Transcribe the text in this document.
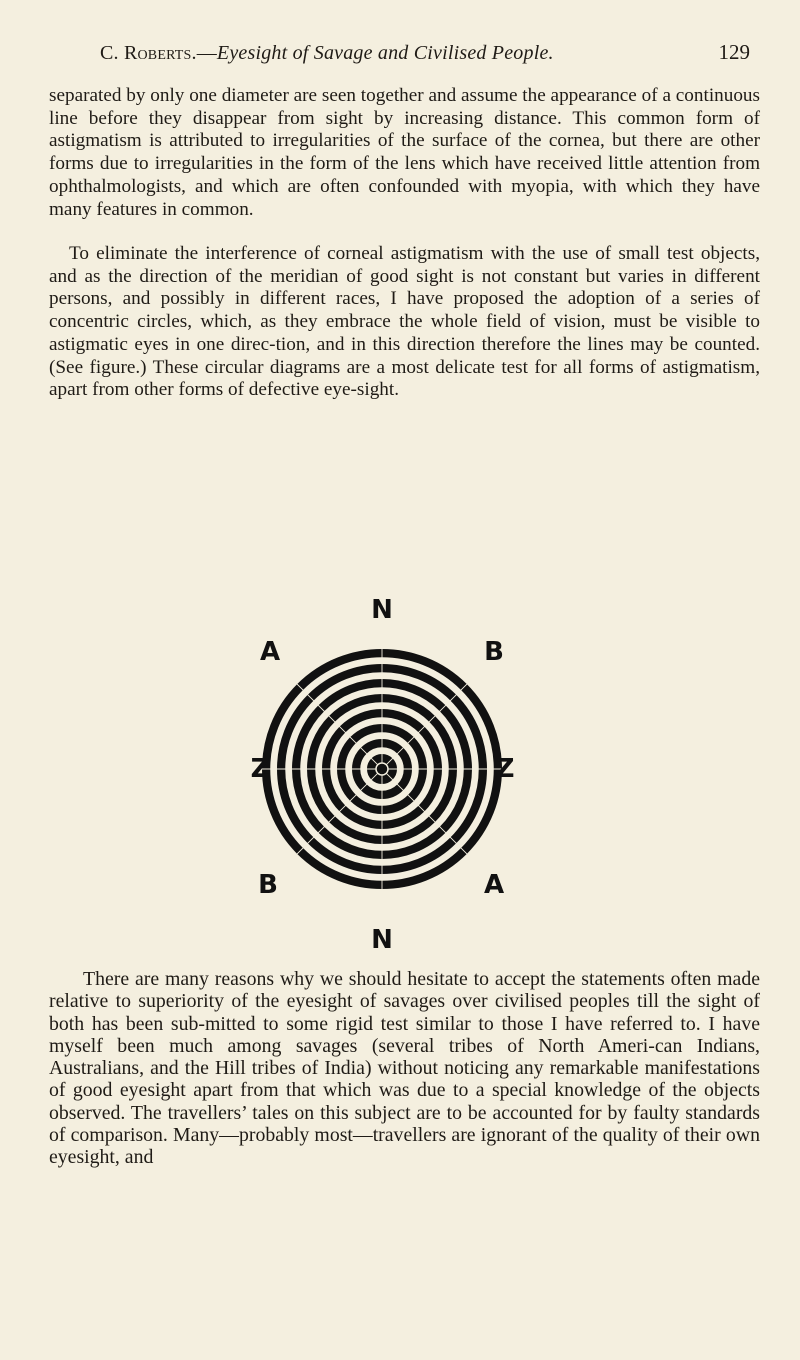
C. Roberts.—Eyesight of Savage and Civilised People.	129

separated by only one diameter are seen together and assume the appearance of a continuous line before they disappear from sight by increasing distance. This common form of astigmatism is attributed to irregularities of the surface of the cornea, but there are other forms due to irregularities in the form of the lens which have received little attention from ophthalmologists, and which are often confounded with myopia, with which they have many features in common.

To eliminate the interference of corneal astigmatism with the use of small test objects, and as the direction of the meridian of good sight is not constant but varies in different persons, and possibly in different races, I have proposed the adoption of a series of concentric circles, which, as they embrace the whole field of vision, must be visible to astigmatic eyes in one direc-tion, and in this direction therefore the lines may be counted. (See figure.) These circular diagrams are a most delicate test for all forms of astigmatism, apart from other forms of defective eye-sight.

N
N
A	B
B	A
Z	Z

There are many reasons why we should hesitate to accept the statements often made relative to superiority of the eyesight of savages over civilised peoples till the sight of both has been sub-mitted to some rigid test similar to those I have referred to. I have myself been much among savages (several tribes of North Ameri-can Indians, Australians, and the Hill tribes of India) without noticing any remarkable manifestations of good eyesight apart from that which was due to a special knowledge of the objects observed. The travellers’ tales on this subject are to be accounted for by faulty standards of comparison. Many—probably most—travellers are ignorant of the quality of their own eyesight, and
